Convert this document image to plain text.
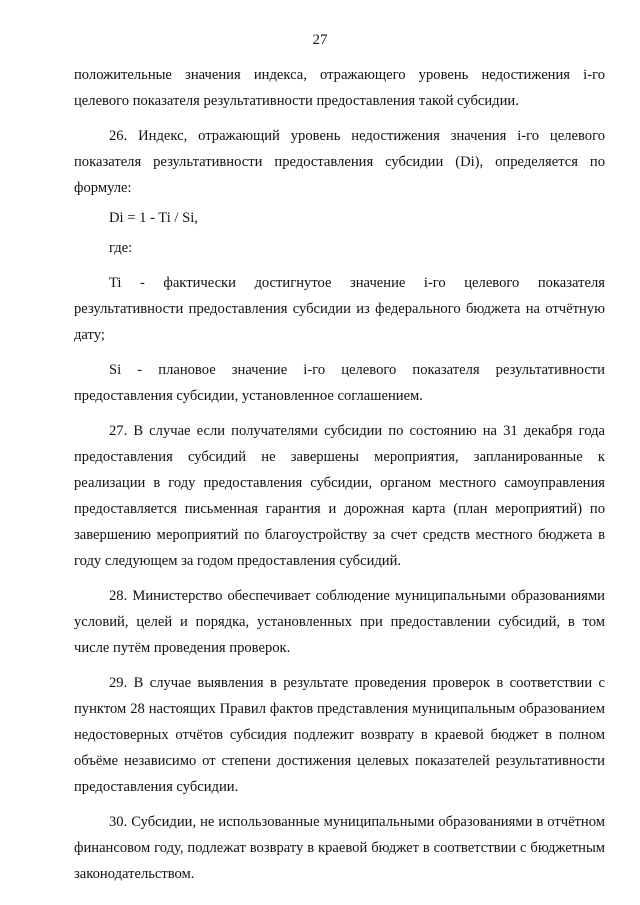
27

положительные значения индекса, отражающего уровень недостижения i-го целевого показателя результативности предоставления такой субсидии.

26. Индекс, отражающий уровень недостижения значения i-го целевого показателя результативности предоставления субсидии (Di), определяется по формуле:

Di = 1 - Ti / Si,

где:

Ti - фактически достигнутое значение i-го целевого показателя результативности предоставления субсидии из федерального бюджета на отчётную дату;

Si - плановое значение i-го целевого показателя результативности предоставления субсидии, установленное соглашением.

27. В случае если получателями субсидии по состоянию на 31 декабря года предоставления субсидий не завершены мероприятия, запланированные к реализации в году предоставления субсидии, органом местного самоуправления предоставляется письменная гарантия и дорожная карта (план мероприятий) по завершению мероприятий по благоустройству за счет средств местного бюджета в году следующем за годом предоставления субсидий.

28. Министерство обеспечивает соблюдение муниципальными образованиями условий, целей и порядка, установленных при предоставлении субсидий, в том числе путём проведения проверок.

29. В случае выявления в результате проведения проверок в соответствии с пунктом 28 настоящих Правил фактов представления муниципальным образованием недостоверных отчётов субсидия подлежит возврату в краевой бюджет в полном объёме независимо от степени достижения целевых показателей результативности предоставления субсидии.

30. Субсидии, не использованные муниципальными образованиями в отчётном финансовом году, подлежат возврату в краевой бюджет в соответствии с бюджетным законодательством.
